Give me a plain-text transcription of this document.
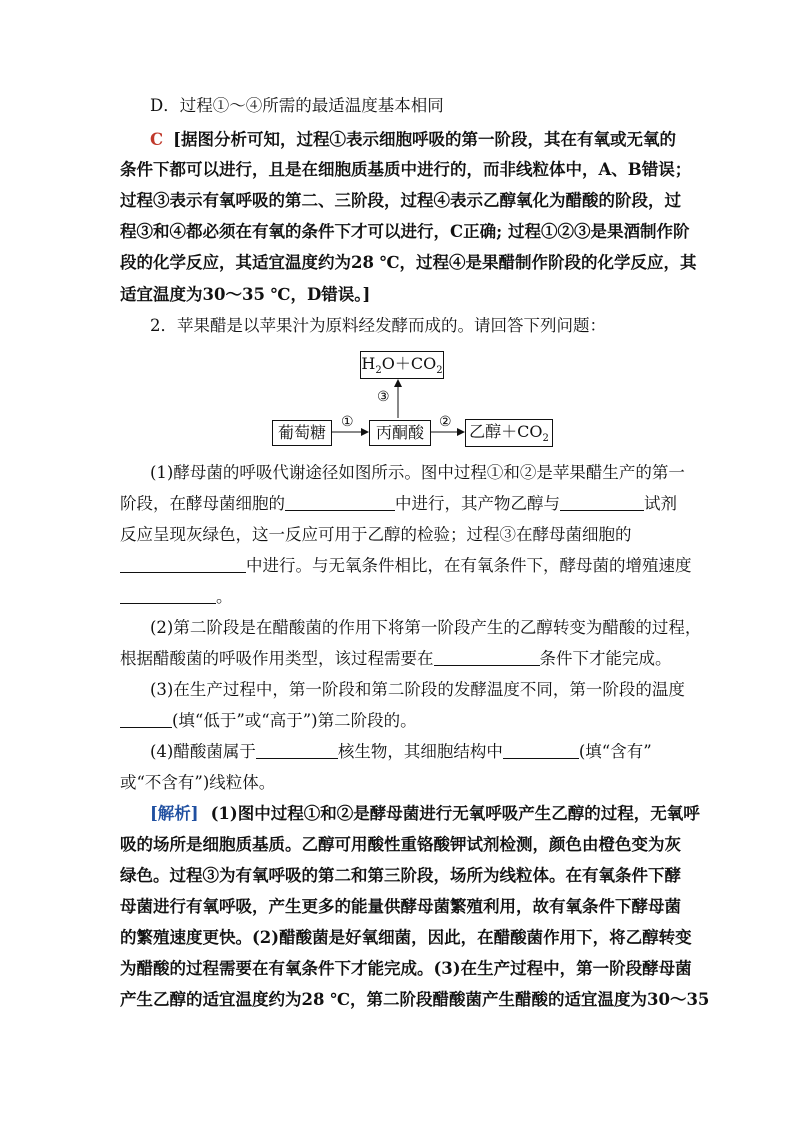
D．过程①～④所需的最适温度基本相同
C [据图分析可知，过程①表示细胞呼吸的第一阶段，其在有氧或无氧的
条件下都可以进行，且是在细胞质基质中进行的，而非线粒体中，A、B错误；
过程③表示有氧呼吸的第二、三阶段，过程④表示乙醇氧化为醋酸的阶段，过
程③和④都必须在有氧的条件下才可以进行，C正确; 过程①②③是果酒制作阶
段的化学反应，其适宜温度约为28 ℃，过程④是果醋制作阶段的化学反应，其
适宜温度为30～35 ℃，D错误。]
2．苹果醋是以苹果汁为原料经发酵而成的。请回答下列问题：
$H_2O+CO_2$
③
葡萄糖
①
丙酮酸
② 乙醇$+CO_2$
(1)酵母菌的呼吸代谢途径如图所示。图中过程①和②是苹果醋生产的第一
阶段，在酵母菌细胞的	中进行，其产物乙醇与	试剂
反应呈现灰绿色，这一反应可用于乙醇的检验；过程③在酵母菌细胞的
中进行。与无氧条件相比，在有氧条件下，酵母菌的增殖速度
。
(2)第二阶段是在醋酸菌的作用下将第一阶段产生的乙醇转变为醋酸的过程，
根据醋酸菌的呼吸作用类型，该过程需要在	条件下才能完成。
(3)在生产过程中，第一阶段和第二阶段的发酵温度不同，第一阶段的温度
(填“低于”或“高于”)第二阶段的。
(4)醋酸菌属于	核生物，其细胞结构中	(填“含有”
或“不含有”)线粒体。
[解析] (1)图中过程①和②是酵母菌进行无氧呼吸产生乙醇的过程，无氧呼
吸的场所是细胞质基质。乙醇可用酸性重铬酸钾试剂检测，颜色由橙色变为灰
绿色。过程③为有氧呼吸的第二和第三阶段，场所为线粒体。在有氧条件下酵
母菌进行有氧呼吸，产生更多的能量供酵母菌繁殖利用，故有氧条件下酵母菌
的繁殖速度更快。(2)醋酸菌是好氧细菌，因此，在醋酸菌作用下，将乙醇转变
为醋酸的过程需要在有氧条件下才能完成。(3)在生产过程中，第一阶段酵母菌
产生乙醇的适宜温度约为28 ℃，第二阶段醋酸菌产生醋酸的适宜温度为30～35
